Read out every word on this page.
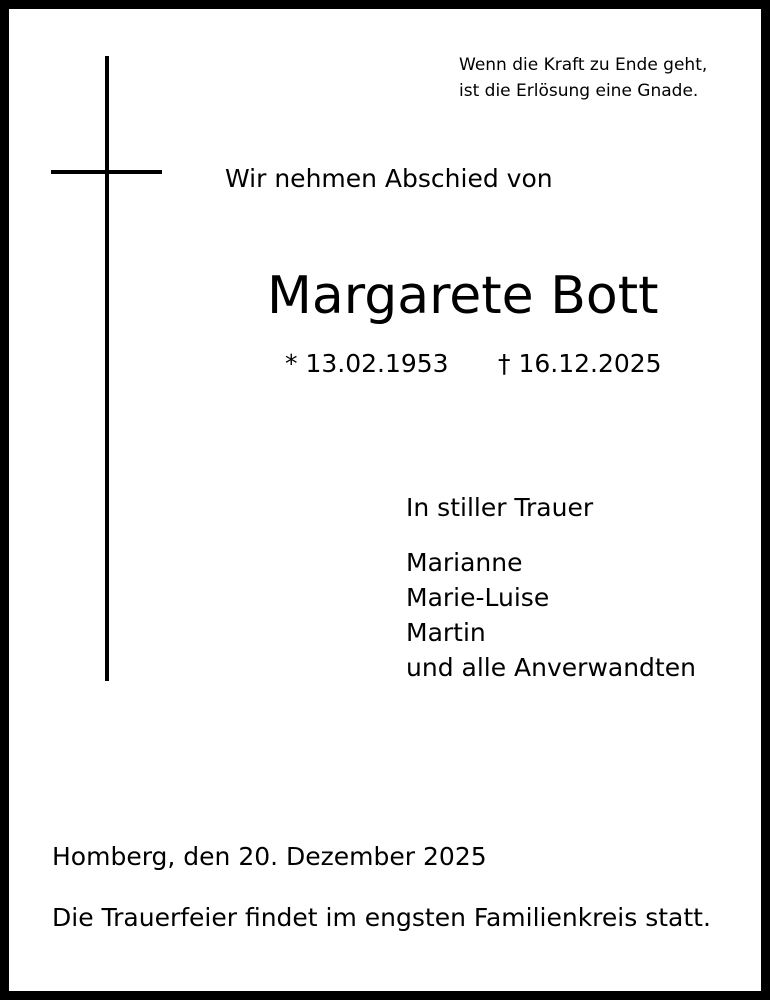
Wenn die Kraft zu Ende geht,
ist die Erlösung eine Gnade.
Wir nehmen Abschied von
Margarete Bott
* 13.02.1953 † 16.12.2025
In stiller Trauer
Marianne
Marie-Luise
Martin
und alle Anverwandten
Homberg, den 20. Dezember 2025
Die Trauerfeier findet im engsten Familienkreis statt.
